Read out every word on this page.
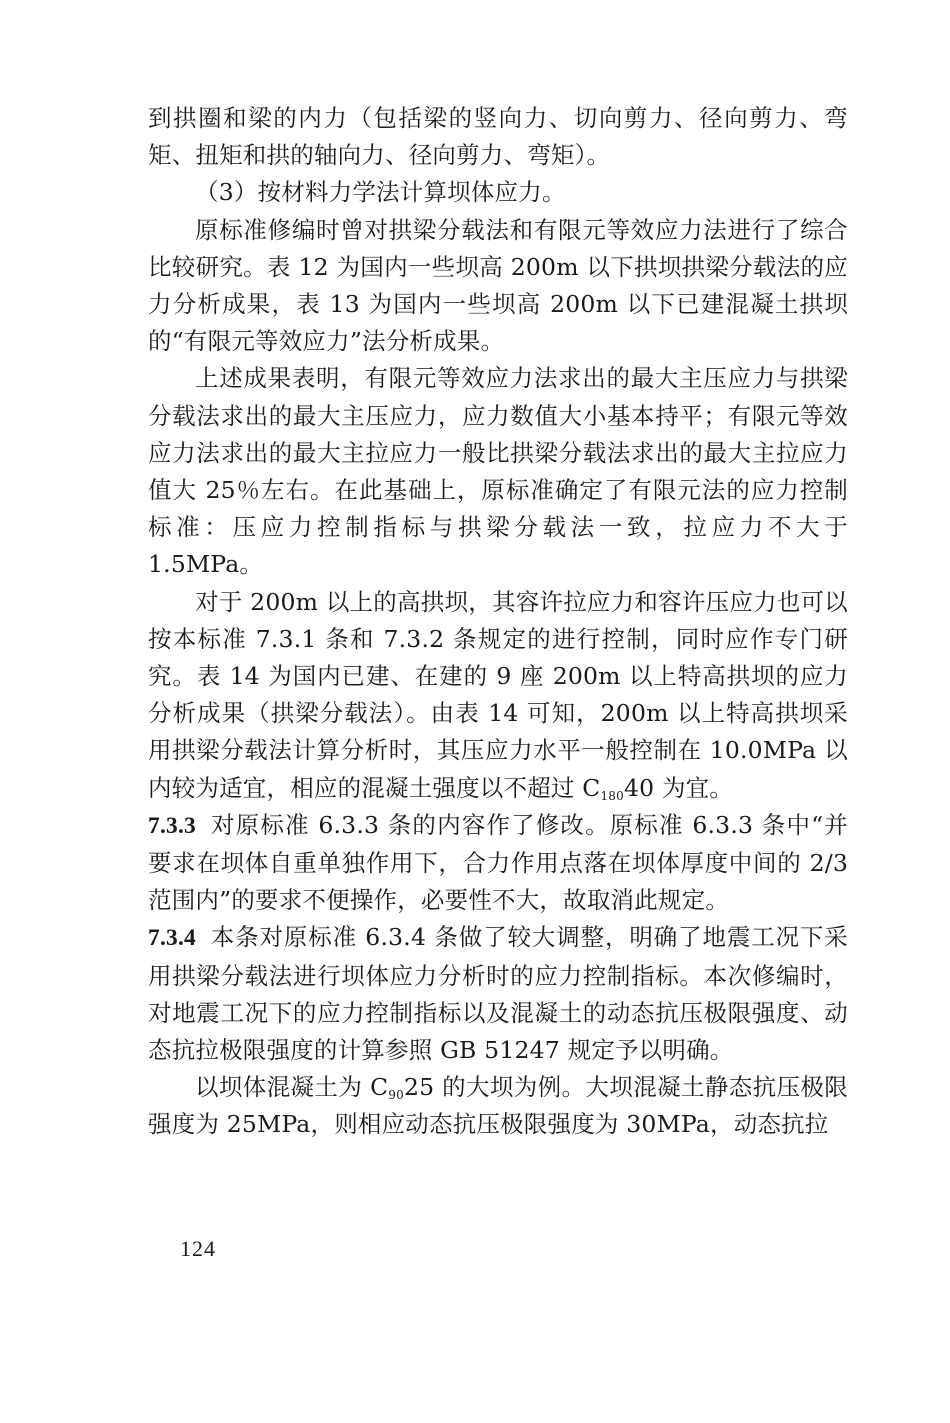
到拱圈和梁的内力（包括梁的竖向力、切向剪力、径向剪力、弯矩、扭矩和拱的轴向力、径向剪力、弯矩）。

（3）按材料力学法计算坝体应力。

原标准修编时曾对拱梁分载法和有限元等效应力法进行了综合比较研究。表 12 为国内一些坝高 200m 以下拱坝拱梁分载法的应力分析成果，表 13 为国内一些坝高 200m 以下已建混凝土拱坝的“有限元等效应力”法分析成果。

上述成果表明，有限元等效应力法求出的最大主压应力与拱梁分载法求出的最大主压应力，应力数值大小基本持平；有限元等效应力法求出的最大主拉应力一般比拱梁分载法求出的最大主拉应力值大 25％左右。在此基础上，原标准确定了有限元法的应力控制标准：压应力控制指标与拱梁分载法一致，拉应力不大于 1.5MPa。

对于 200m 以上的高拱坝，其容许拉应力和容许压应力也可以按本标准 7.3.1 条和 7.3.2 条规定的进行控制，同时应作专门研究。表 14 为国内已建、在建的 9 座 200m 以上特高拱坝的应力分析成果（拱梁分载法）。由表 14 可知，200m 以上特高拱坝采用拱梁分载法计算分析时，其压应力水平一般控制在 10.0MPa 以内较为适宜，相应的混凝土强度以不超过 $C_{180}40$ 为宜。

7.3.3 对原标准 6.3.3 条的内容作了修改。原标准 6.3.3 条中“并要求在坝体自重单独作用下，合力作用点落在坝体厚度中间的 2/3 范围内”的要求不便操作，必要性不大，故取消此规定。

7.3.4 本条对原标准 6.3.4 条做了较大调整，明确了地震工况下采用拱梁分载法进行坝体应力分析时的应力控制指标。本次修编时，对地震工况下的应力控制指标以及混凝土的动态抗压极限强度、动态抗拉极限强度的计算参照 GB 51247 规定予以明确。

以坝体混凝土为 $C_{90}25$ 的大坝为例。大坝混凝土静态抗压极限强度为 25MPa，则相应动态抗压极限强度为 30MPa，动态抗拉

124
